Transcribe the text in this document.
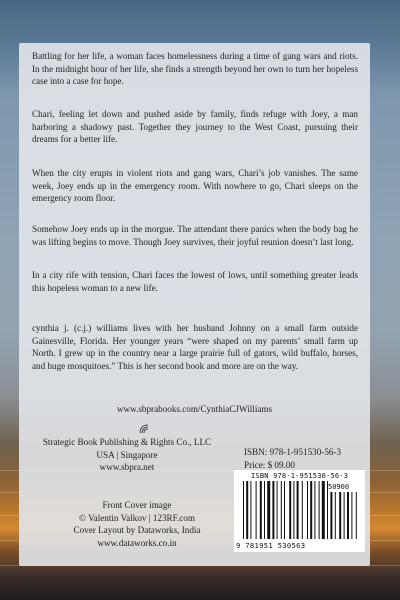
Battling for her life, a woman faces homelessness during a time of gang wars and riots. In the midnight hour of her life, she finds a strength beyond her own to turn her hopeless case into a case for hope.
Chari, feeling let down and pushed aside by family, finds refuge with Joey, a man harboring a shadowy past. Together they journey to the West Coast, pursuing their dreams for a better life.
When the city erupts in violent riots and gang wars, Chari’s job vanishes. The same week, Joey ends up in the emergency room. With nowhere to go, Chari sleeps on the emergency room floor.
Somehow Joey ends up in the morgue. The attendant there panics when the body bag he was lifting begins to move. Though Joey survives, their joyful reunion doesn’t last long.
In a city rife with tension, Chari faces the lowest of lows, until something greater leads this hopeless woman to a new life.
cynthia j. (c.j.) williams lives with her husband Johnny on a small farm outside Gainesville, Florida. Her younger years “were shaped on my parents’ small farm up North. I grew up in the country near a large prairie full of gators, wild buffalo, horses, and huge mosquitoes.” This is her second book and more are on the way.
www.sbprabooks.com/CynthiaCJWilliams
Strategic Book Publishing & Rights Co., LLC
USA | Singapore
www.sbpra.net
ISBN: 978-1-951530-56-3
Price: $ 09.00
ISBN 978-1-951530-56-3
50900
9 781951 530563
Front Cover image
© Valentin Valkov | 123RF.com
Cover Layout by Dataworks, India
www.dataworks.co.in
